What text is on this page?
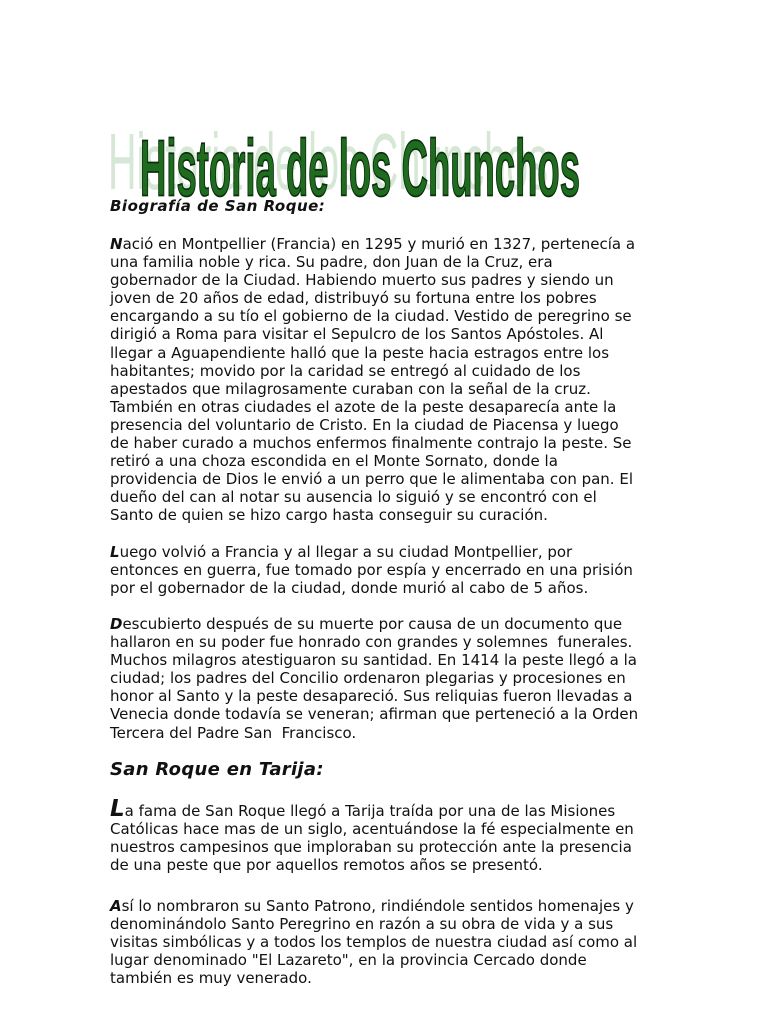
Historia de los Chunchos
Historia de los Chunchos
Biografía de San Roque:
Nació en Montpellier (Francia) en 1295 y murió en 1327, pertenecía a
una familia noble y rica. Su padre, don Juan de la Cruz, era
gobernador de la Ciudad. Habiendo muerto sus padres y siendo un
joven de 20 años de edad, distribuyó su fortuna entre los pobres
encargando a su tío el gobierno de la ciudad. Vestido de peregrino se
dirigió a Roma para visitar el Sepulcro de los Santos Apóstoles. Al
llegar a Aguapendiente halló que la peste hacia estragos entre los
habitantes; movido por la caridad se entregó al cuidado de los
apestados que milagrosamente curaban con la señal de la cruz.
También en otras ciudades el azote de la peste desaparecía ante la
presencia del voluntario de Cristo. En la ciudad de Piacensa y luego
de haber curado a muchos enfermos finalmente contrajo la peste. Se
retiró a una choza escondida en el Monte Sornato, donde la
providencia de Dios le envió a un perro que le alimentaba con pan. El
dueño del can al notar su ausencia lo siguió y se encontró con el
Santo de quien se hizo cargo hasta conseguir su curación.
Luego volvió a Francia y al llegar a su ciudad Montpellier, por
entonces en guerra, fue tomado por espía y encerrado en una prisión
por el gobernador de la ciudad, donde murió al cabo de 5 años.
Descubierto después de su muerte por causa de un documento que
hallaron en su poder fue honrado con grandes y solemnes  funerales.
Muchos milagros atestiguaron su santidad. En 1414 la peste llegó a la
ciudad; los padres del Concilio ordenaron plegarias y procesiones en
honor al Santo y la peste desapareció. Sus reliquias fueron llevadas a
Venecia donde todavía se veneran; afirman que perteneció a la Orden
Tercera del Padre San  Francisco.
San Roque en Tarija:
La fama de San Roque llegó a Tarija traída por una de las Misiones
Católicas hace mas de un siglo, acentuándose la fé especialmente en
nuestros campesinos que imploraban su protección ante la presencia
de una peste que por aquellos remotos años se presentó.
Así lo nombraron su Santo Patrono, rindiéndole sentidos homenajes y
denominándolo Santo Peregrino en razón a su obra de vida y a sus
visitas simbólicas y a todos los templos de nuestra ciudad así como al
lugar denominado "El Lazareto", en la provincia Cercado donde
también es muy venerado.
